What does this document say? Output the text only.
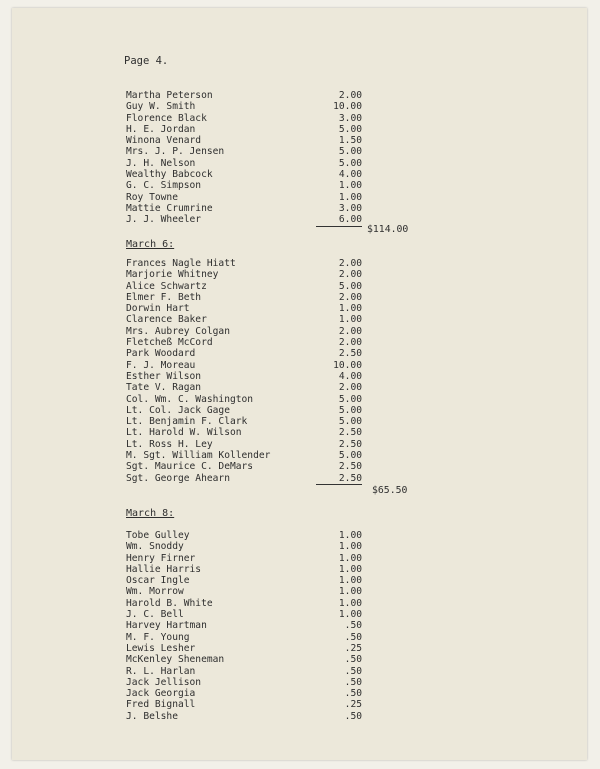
Page 4.
Martha Peterson	2.00
Guy W. Smith	10.00
Florence Black	3.00
H. E. Jordan	5.00
Winona Venard	1.50
Mrs. J. P. Jensen	5.00
J. H. Nelson	5.00
Wealthy Babcock	4.00
G. C. Simpson	1.00
Roy Towne	1.00
Mattie Crumrine	3.00
J. J. Wheeler	6.00
$114.00
March 6:
Frances Nagle Hiatt	2.00
Marjorie Whitney	2.00
Alice Schwartz	5.00
Elmer F. Beth	2.00
Dorwin Hart	1.00
Clarence Baker	1.00
Mrs. Aubrey Colgan	2.00
Fletcheß McCord	2.00
Park Woodard	2.50
F. J. Moreau	10.00
Esther Wilson	4.00
Tate V. Ragan	2.00
Col. Wm. C. Washington	5.00
Lt. Col. Jack Gage	5.00
Lt. Benjamin F. Clark	5.00
Lt. Harold W. Wilson	2.50
Lt. Ross H. Ley	2.50
M. Sgt. William Kollender	5.00
Sgt. Maurice C. DeMars	2.50
Sgt. George Ahearn	2.50
$65.50
March 8:
Tobe Gulley	1.00
Wm. Snoddy	1.00
Henry Firner	1.00
Hallie Harris	1.00
Oscar Ingle	1.00
Wm. Morrow	1.00
Harold B. White	1.00
J. C. Bell	1.00
Harvey Hartman	.50
M. F. Young	.50
Lewis Lesher	.25
McKenley Sheneman	.50
R. L. Harlan	.50
Jack Jellison	.50
Jack Georgia	.50
Fred Bignall	.25
J. Belshe	.50
